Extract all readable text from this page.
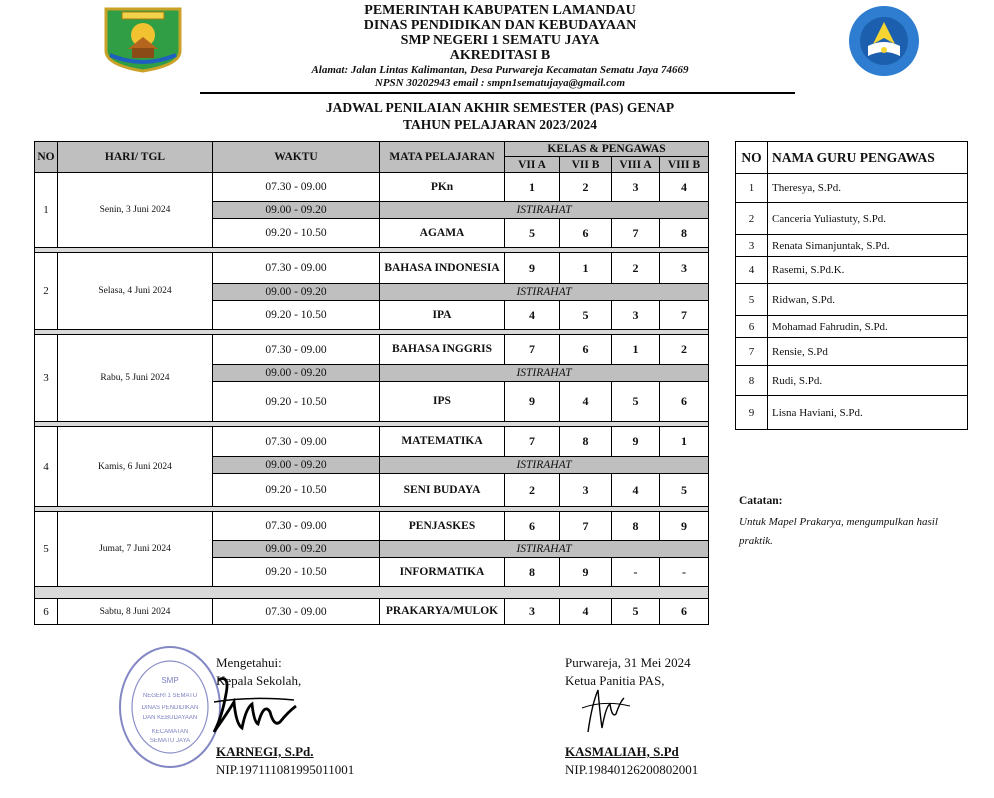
PEMERINTAH KABUPATEN LAMANDAU
DINAS PENDIDIKAN DAN KEBUDAYAAN
SMP NEGERI 1 SEMATU JAYA
AKREDITASI B
Alamat: Jalan Lintas Kalimantan, Desa Purwareja Kecamatan Sematu Jaya 74669
NPSN 30202943 email : smpn1sematujaya@gmail.com
JADWAL PENILAIAN AKHIR SEMESTER (PAS) GENAP
TAHUN PELAJARAN 2023/2024
NO	HARI/ TGL	WAKTU	MATA PELAJARAN	KELAS & PENGAWAS			
				VII A	VII B	VIII A	VIII B
1	Senin, 3 Juni 2024	07.30 - 09.00	PKn	1	2	3	4
		09.00 - 09.20	ISTIRAHAT				
		09.20 - 10.50	AGAMA	5	6	7	8

2	Selasa, 4 Juni 2024	07.30 - 09.00	BAHASA INDONESIA	9	1	2	3
		09.00 - 09.20	ISTIRAHAT				
		09.20 - 10.50	IPA	4	5	3	7

3	Rabu, 5 Juni 2024	07.30 - 09.00	BAHASA INGGRIS	7	6	1	2
		09.00 - 09.20	ISTIRAHAT				
		09.20 - 10.50	IPS	9	4	5	6

4	Kamis, 6 Juni 2024	07.30 - 09.00	MATEMATIKA	7	8	9	1
		09.00 - 09.20	ISTIRAHAT				
		09.20 - 10.50	SENI BUDAYA	2	3	4	5

5	Jumat, 7 Juni 2024	07.30 - 09.00	PENJASKES	6	7	8	9
		09.00 - 09.20	ISTIRAHAT				
		09.20 - 10.50	INFORMATIKA	8	9	-	-

6	Sabtu, 8 Juni 2024	07.30 - 09.00	PRAKARYA/MULOK	3	4	5	6
NO	NAMA GURU PENGAWAS
1	Theresya, S.Pd.
2	Canceria Yuliastuty, S.Pd.
3	Renata Simanjuntak, S.Pd.
4	Rasemi, S.Pd.K.
5	Ridwan, S.Pd.
6	Mohamad Fahrudin, S.Pd.
7	Rensie, S.Pd
8	Rudi, S.Pd.
9	Lisna Haviani, S.Pd.
Catatan:
Untuk Mapel Prakarya, mengumpulkan hasil praktik.
SMP
NEGERI 1 SEMATU
DINAS PENDIDIKAN
DAN KEBUDAYAAN
KECAMATAN
SEMATU JAYA
Mengetahui:
Kepala Sekolah,
KARNEGI, S.Pd.
NIP.197111081995011001
Purwareja, 31 Mei 2024
Ketua Panitia PAS,
KASMALIAH, S.Pd
NIP.19840126200802001
